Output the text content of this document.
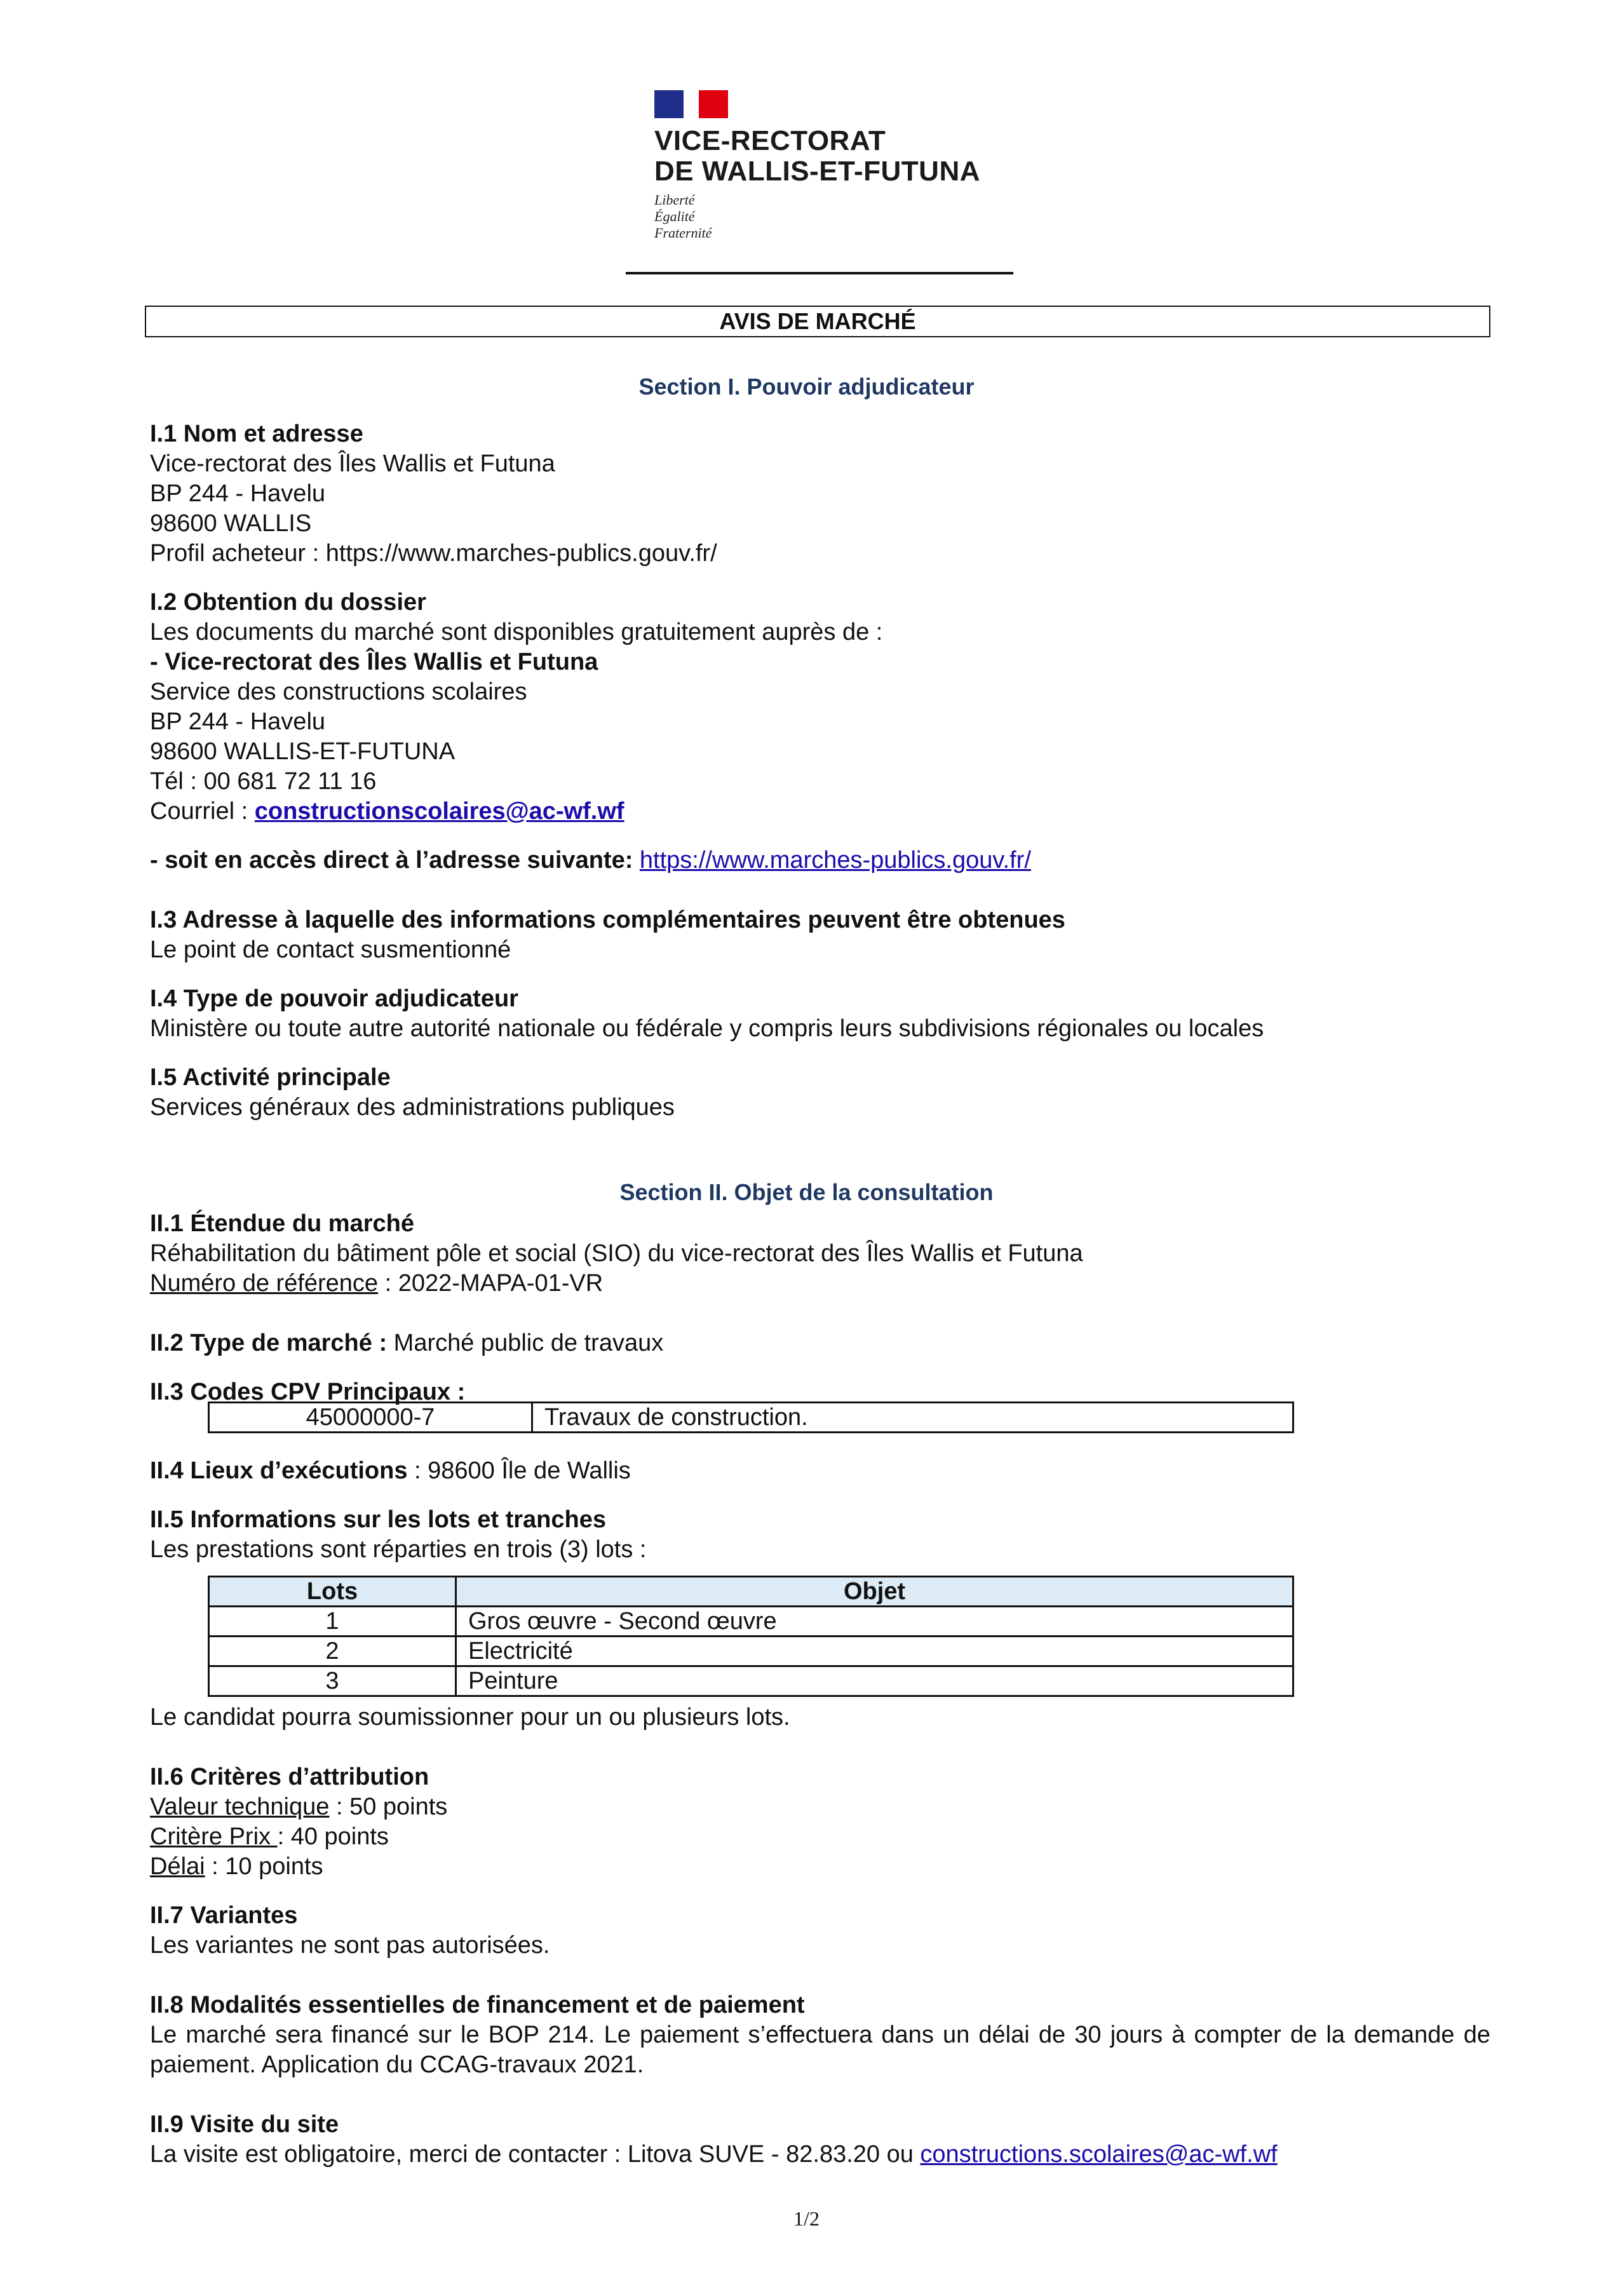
VICE-RECTORAT
DE WALLIS-ET-FUTUNA
Liberté
Égalité
Fraternité
AVIS DE MARCHÉ
Section I. Pouvoir adjudicateur

I.1 Nom et adresse

Vice-rectorat des Îles Wallis et Futuna

BP 244 - Havelu

98600 WALLIS

Profil acheteur : https://www.marches-publics.gouv.fr/

I.2 Obtention du dossier

Les documents du marché sont disponibles gratuitement auprès de :

- Vice-rectorat des Îles Wallis et Futuna

Service des constructions scolaires

BP 244 - Havelu

98600 WALLIS-ET-FUTUNA

Tél : 00 681 72 11 16

Courriel : constructionscolaires@ac-wf.wf

- soit en accès direct à l’adresse suivante: https://www.marches-publics.gouv.fr/

I.3 Adresse à laquelle des informations complémentaires peuvent être obtenues

Le point de contact susmentionné

I.4 Type de pouvoir adjudicateur

Ministère ou toute autre autorité nationale ou fédérale y compris leurs subdivisions régionales ou locales

I.5 Activité principale

Services généraux des administrations publiques

Section II. Objet de la consultation

II.1 Étendue du marché

Réhabilitation du bâtiment pôle et social (SIO) du vice-rectorat des Îles Wallis et Futuna

Numéro de référence : 2022-MAPA-01-VR

II.2 Type de marché : Marché public de travaux

II.3 Codes CPV Principaux :

45000000-7	Travaux de construction.

II.4 Lieux d’exécutions : 98600 Île de Wallis

II.5 Informations sur les lots et tranches

Les prestations sont réparties en trois (3) lots :

Lots	Objet
1	Gros œuvre - Second œuvre
2	Electricité
3	Peinture

Le candidat pourra soumissionner pour un ou plusieurs lots.

II.6 Critères d’attribution

Valeur technique : 50 points

Critère Prix : 40 points

Délai : 10 points

II.7 Variantes

Les variantes ne sont pas autorisées.

II.8 Modalités essentielles de financement et de paiement

Le marché sera financé sur le BOP 214. Le paiement s’effectuera dans un délai de 30 jours à compter de la demande de paiement. Application du CCAG-travaux 2021.

II.9 Visite du site

La visite est obligatoire, merci de contacter : Litova SUVE - 82.83.20 ou constructions.scolaires@ac-wf.wf

1/2
